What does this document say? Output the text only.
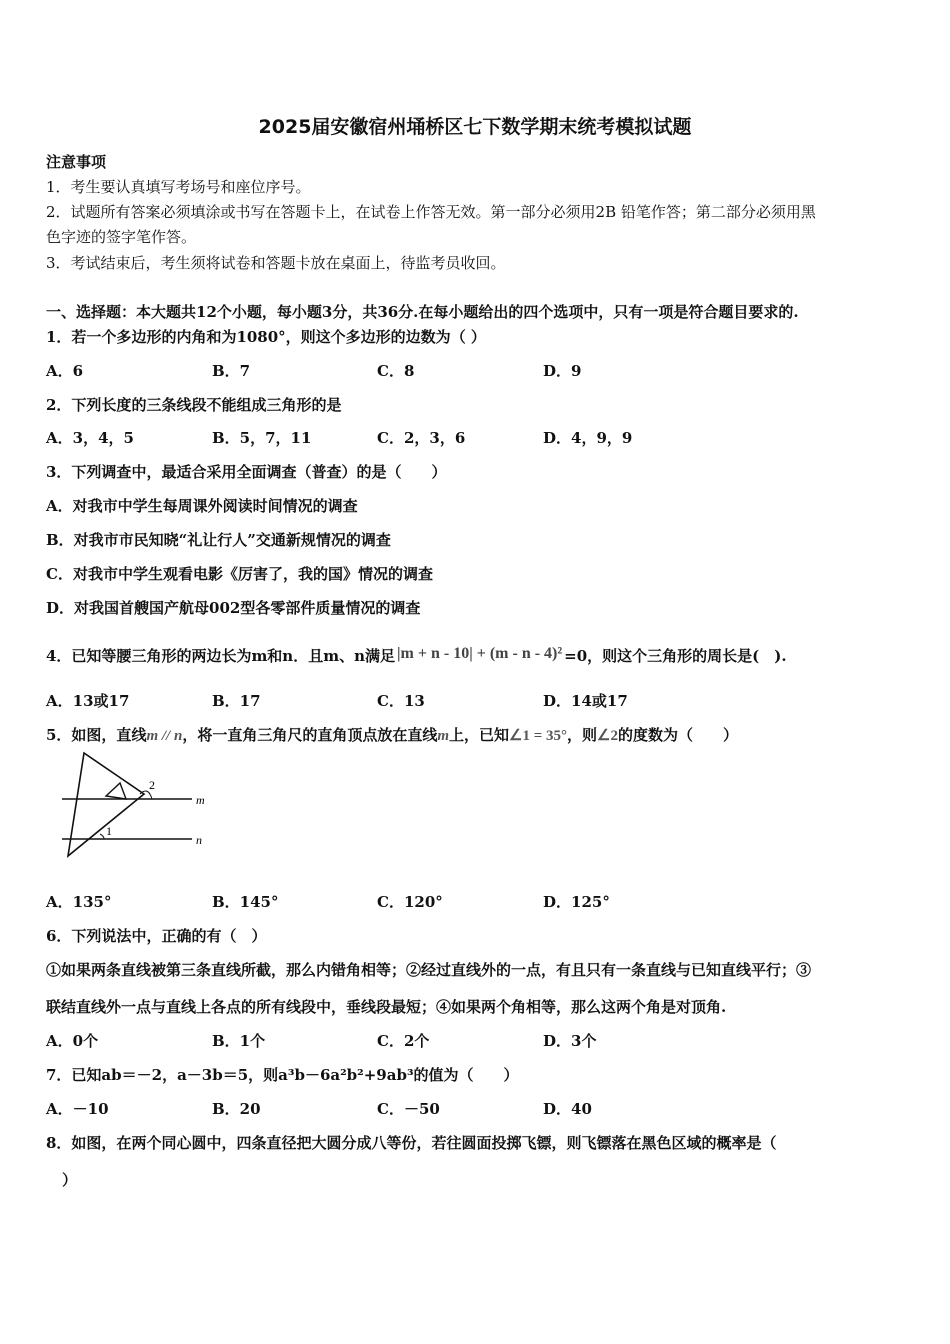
2025届安徽宿州埇桥区七下数学期末统考模拟试题
注意事项
1．考生要认真填写考场号和座位序号。
2．试题所有答案必须填涂或书写在答题卡上，在试卷上作答无效。第一部分必须用2B 铅笔作答；第二部分必须用黑
色字迹的签字笔作答。
3．考试结束后，考生须将试卷和答题卡放在桌面上，待监考员收回。
一、选择题：本大题共12个小题，每小题3分，共36分.在每小题给出的四个选项中，只有一项是符合题目要求的.
1．若一个多边形的内角和为1080°，则这个多边形的边数为（ ）
A．6	B．7	C．8	D．9
2．下列长度的三条线段不能组成三角形的是
A．3，4，5	B．5，7，11	C．2，3，6	D．4，9，9
3．下列调查中，最适合采用全面调查（普查）的是（　　）
A．对我市中学生每周课外阅读时间情况的调查
B．对我市市民知晓“礼让行人”交通新规情况的调查
C．对我市中学生观看电影《厉害了，我的国》情况的调查
D．对我国首艘国产航母002型各零部件质量情况的调查
4．已知等腰三角形的两边长为m和n．且m、n满足 |m + n - 10| + (m - n - 4)² =0，则这个三角形的周长是(　).
A．13或17	B．17	C．13	D．14或17
5．如图，直线m // n，将一直角三角尺的直角顶点放在直线m上，已知∠1 = 35°，则∠2的度数为（　　）
m
n
1
2
A．135°	B．145°	C．120°	D．125°
6．下列说法中，正确的有（　）
①如果两条直线被第三条直线所截，那么内错角相等；②经过直线外的一点，有且只有一条直线与已知直线平行；③
联结直线外一点与直线上各点的所有线段中，垂线段最短；④如果两个角相等，那么这两个角是对顶角.
A．0个	B．1个	C．2个	D．3个
7．已知ab＝－2，a－3b＝5，则a³b－6a²b²+9ab³的值为（　　）
A．－10	B．20	C．－50	D．40
8．如图，在两个同心圆中，四条直径把大圆分成八等份，若往圆面投掷飞镖，则飞镖落在黑色区域的概率是（
）
